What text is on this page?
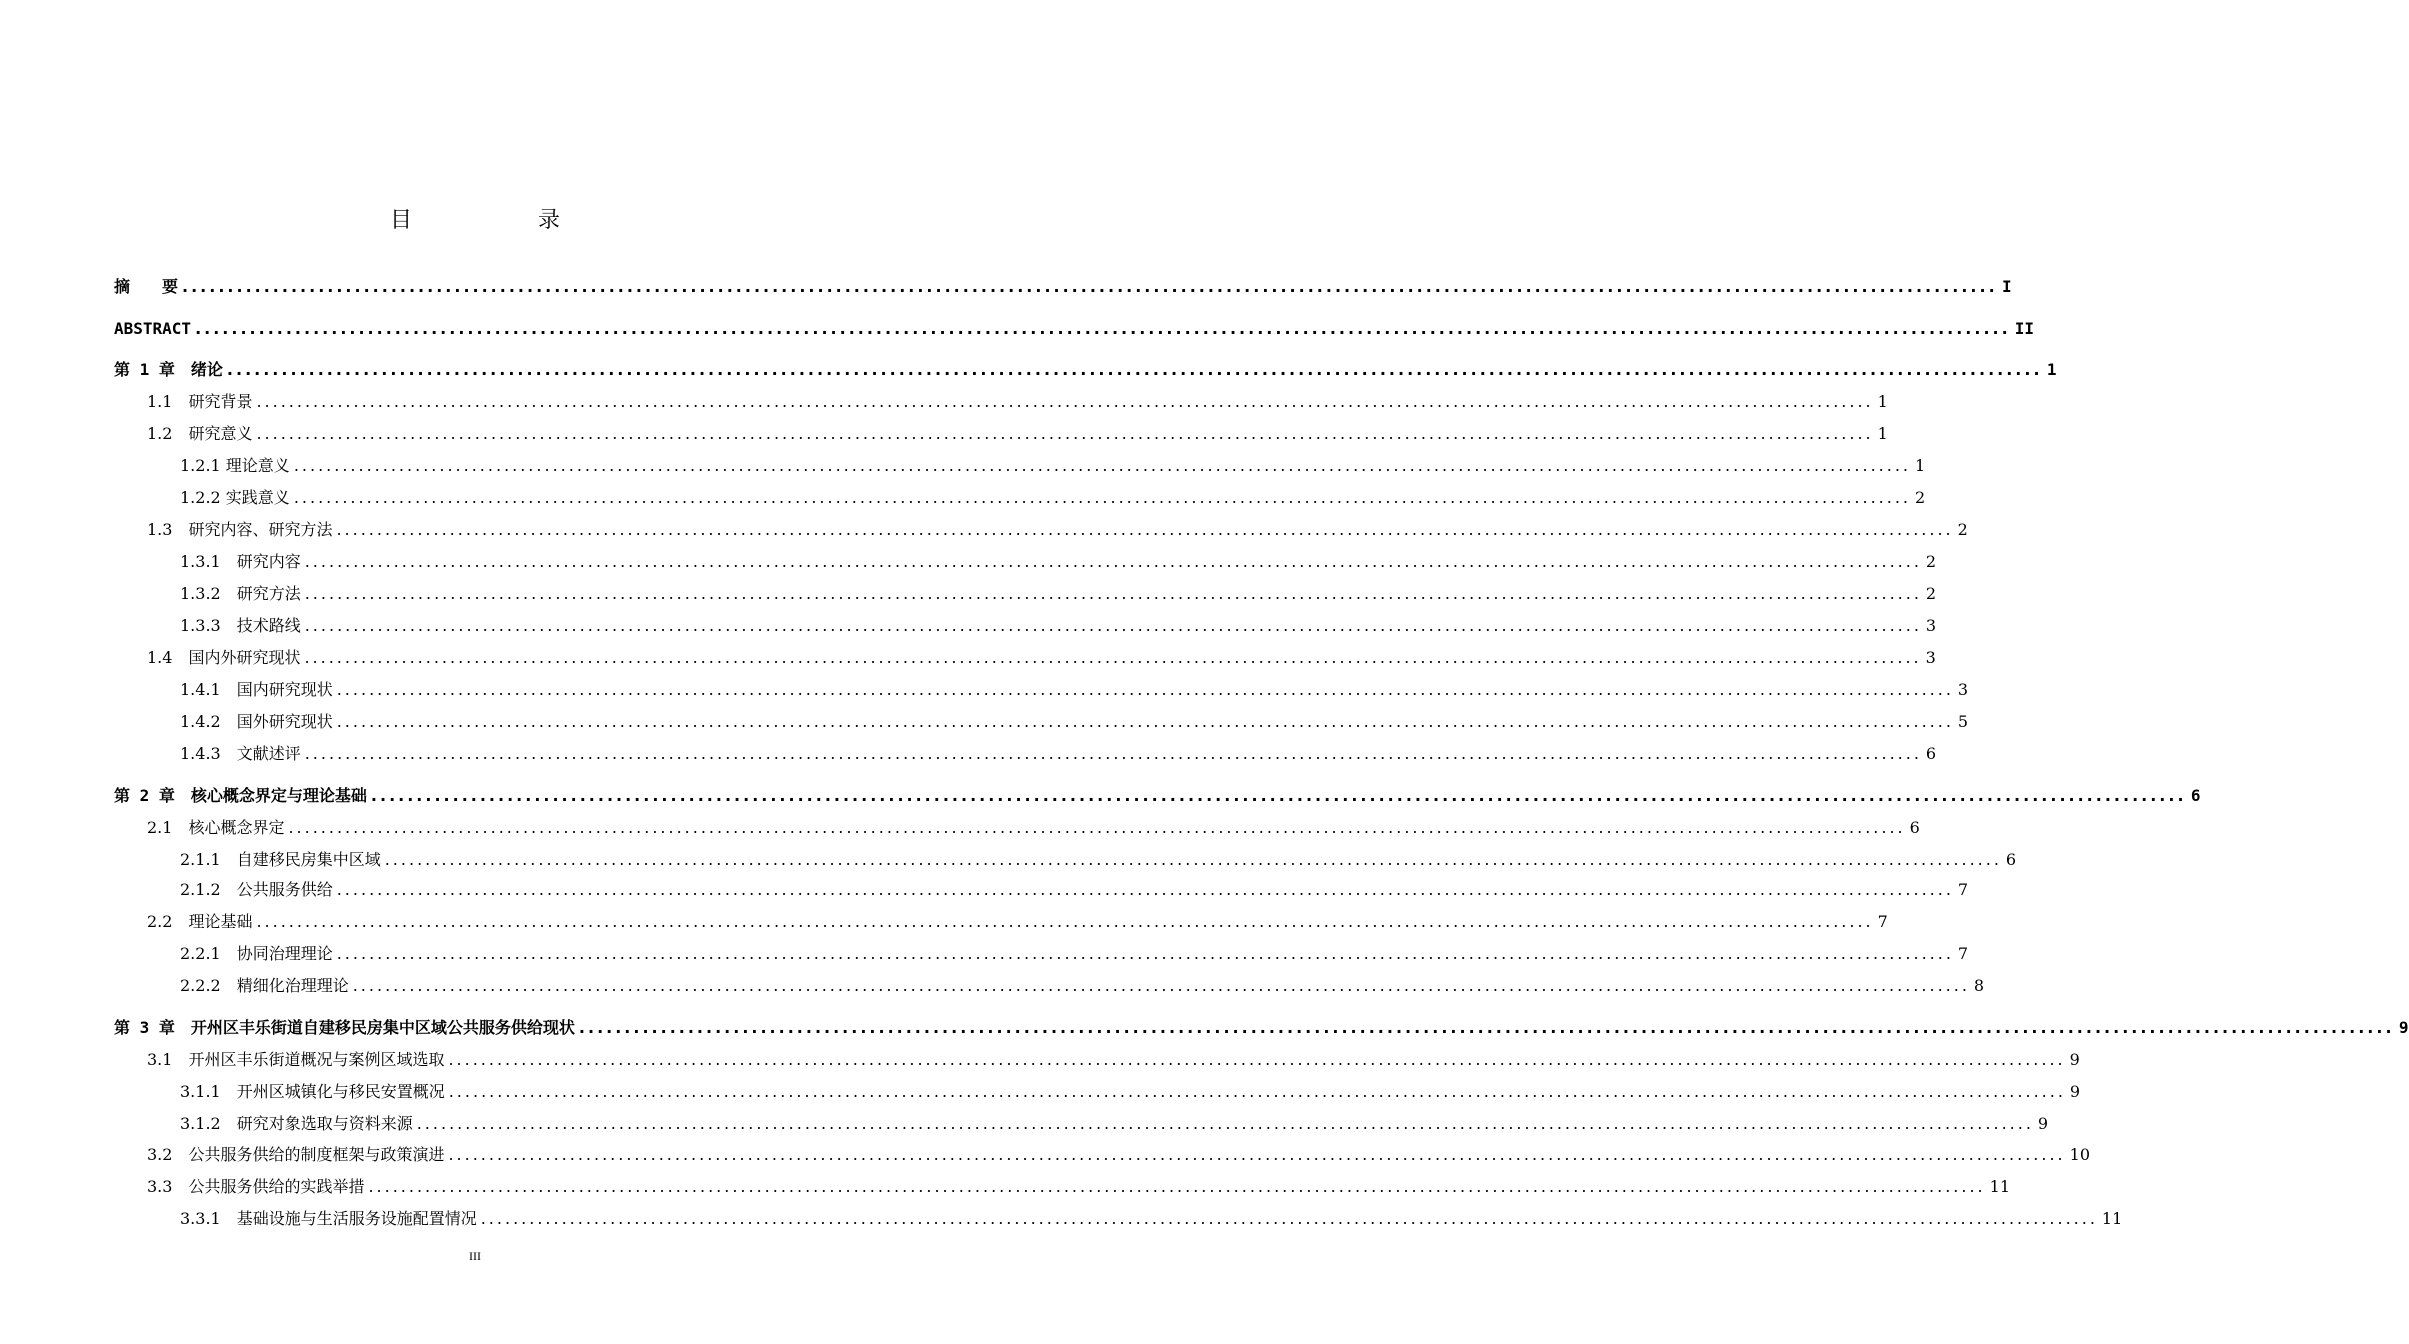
目　录
摘　　要 ........................................................................................................................................................................................................ I
ABSTRACT ........................................................................................................................................................................................................ II
第 1 章　绪论 ........................................................................................................................................................................................................ 1
1.1　研究背景 ........................................................................................................................................................................................................ 1
1.2　研究意义 ........................................................................................................................................................................................................ 1
1.2.1 理论意义 ........................................................................................................................................................................................................ 1
1.2.2 实践意义 ........................................................................................................................................................................................................ 2
1.3　研究内容、研究方法 ........................................................................................................................................................................................................ 2
1.3.1　研究内容 ........................................................................................................................................................................................................ 2
1.3.2　研究方法 ........................................................................................................................................................................................................ 2
1.3.3　技术路线 ........................................................................................................................................................................................................ 3
1.4　国内外研究现状 ........................................................................................................................................................................................................ 3
1.4.1　国内研究现状 ........................................................................................................................................................................................................ 3
1.4.2　国外研究现状 ........................................................................................................................................................................................................ 5
1.4.3　文献述评 ........................................................................................................................................................................................................ 6
第 2 章　核心概念界定与理论基础 ........................................................................................................................................................................................................ 6
2.1　核心概念界定 ........................................................................................................................................................................................................ 6
2.1.1　自建移民房集中区域 ........................................................................................................................................................................................................ 6
2.1.2　公共服务供给 ........................................................................................................................................................................................................ 7
2.2　理论基础 ........................................................................................................................................................................................................ 7
2.2.1　协同治理理论 ........................................................................................................................................................................................................ 7
2.2.2　精细化治理理论 ........................................................................................................................................................................................................ 8
第 3 章　开州区丰乐街道自建移民房集中区域公共服务供给现状 ........................................................................................................................................................................................................ 9
3.1　开州区丰乐街道概况与案例区域选取 ........................................................................................................................................................................................................ 9
3.1.1　开州区城镇化与移民安置概况 ........................................................................................................................................................................................................ 9
3.1.2　研究对象选取与资料来源 ........................................................................................................................................................................................................ 9
3.2　公共服务供给的制度框架与政策演进 ........................................................................................................................................................................................................ 10
3.3　公共服务供给的实践举措 ........................................................................................................................................................................................................ 11
3.3.1　基础设施与生活服务设施配置情况 ........................................................................................................................................................................................................ 11
III
